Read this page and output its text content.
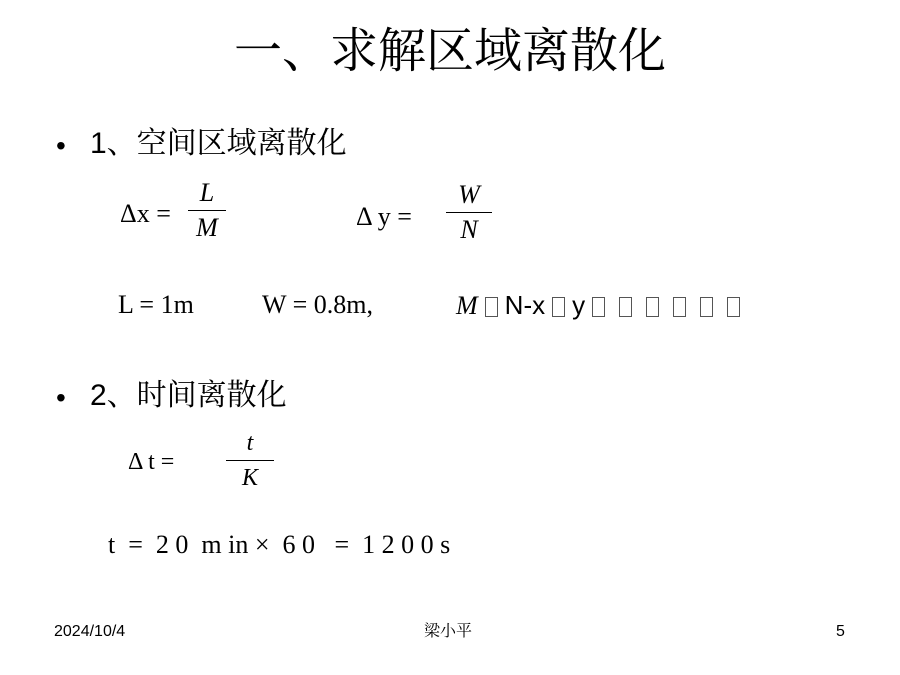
一、求解区域离散化
• 1、空间区域离散化
Δx =
L
M	Δ y =
W
N
L = 1m	W = 0.8m,	M N-x y
• 2、时间离散化
Δ t =
t
K
t  =  2 0  m in ×  6 0   =  1 2 0 0 s
2024/10/4	梁小平	5
